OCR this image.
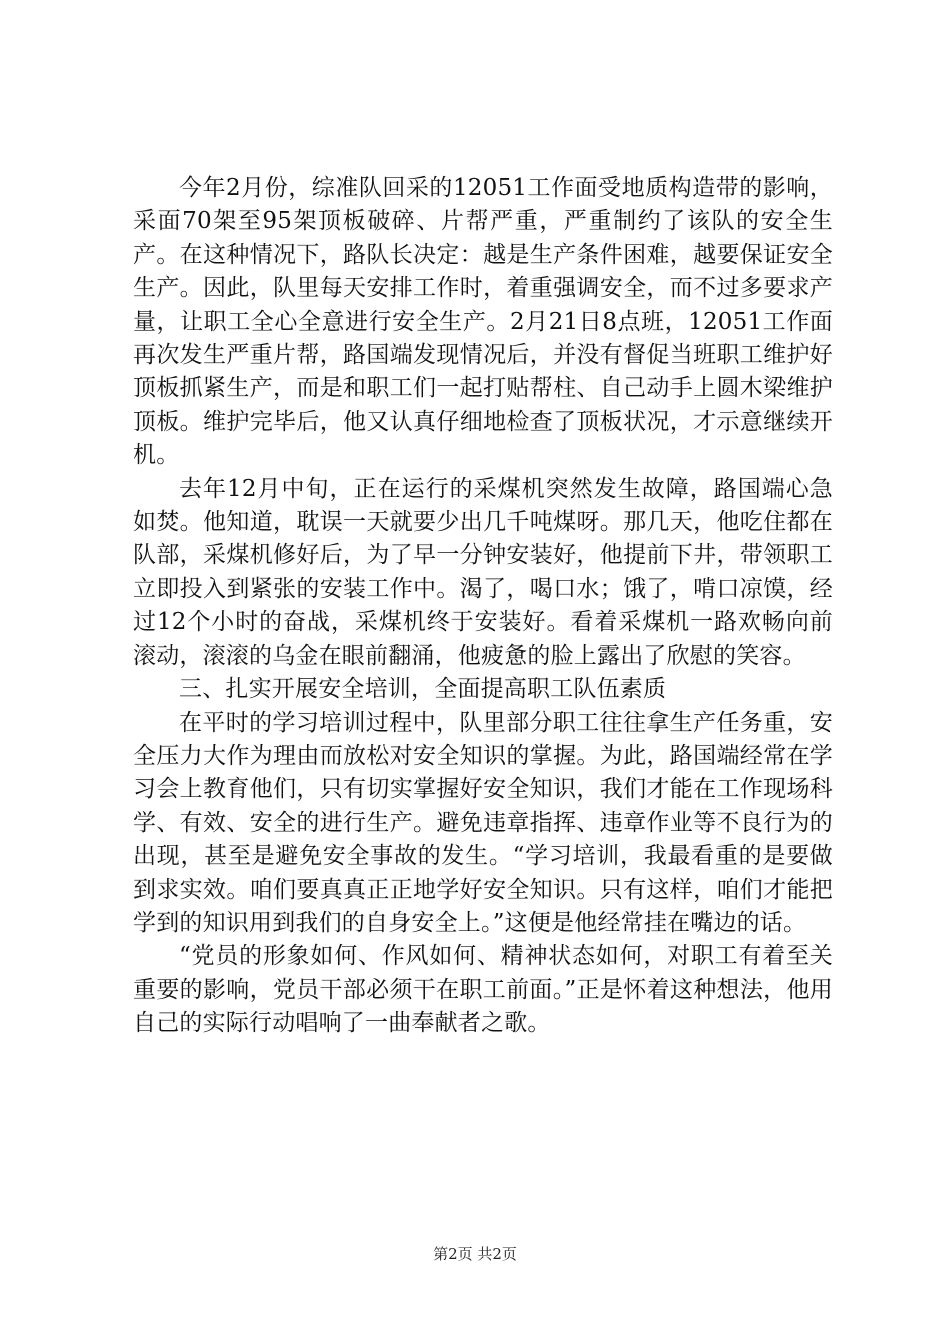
今年2月份，综准队回采的12051工作面受地质构造带的影响，采面70架至95架顶板破碎、片帮严重，严重制约了该队的安全生产。在这种情况下，路队长决定：越是生产条件困难，越要保证安全生产。因此，队里每天安排工作时，着重强调安全，而不过多要求产量，让职工全心全意进行安全生产。2月21日8点班，12051工作面再次发生严重片帮，路国端发现情况后，并没有督促当班职工维护好顶板抓紧生产，而是和职工们一起打贴帮柱、自己动手上圆木梁维护顶板。维护完毕后，他又认真仔细地检查了顶板状况，才示意继续开机。

去年12月中旬，正在运行的采煤机突然发生故障，路国端心急如焚。他知道，耽误一天就要少出几千吨煤呀。那几天，他吃住都在队部，采煤机修好后，为了早一分钟安装好，他提前下井，带领职工立即投入到紧张的安装工作中。渴了，喝口水；饿了，啃口凉馍，经过12个小时的奋战，采煤机终于安装好。看着采煤机一路欢畅向前滚动，滚滚的乌金在眼前翻涌，他疲惫的脸上露出了欣慰的笑容。

三、扎实开展安全培训，全面提高职工队伍素质

在平时的学习培训过程中，队里部分职工往往拿生产任务重，安全压力大作为理由而放松对安全知识的掌握。为此，路国端经常在学习会上教育他们，只有切实掌握好安全知识，我们才能在工作现场科学、有效、安全的进行生产。避免违章指挥、违章作业等不良行为的出现，甚至是避免安全事故的发生。“学习培训，我最看重的是要做到求实效。咱们要真真正正地学好安全知识。只有这样，咱们才能把学到的知识用到我们的自身安全上。”这便是他经常挂在嘴边的话。

“党员的形象如何、作风如何、精神状态如何，对职工有着至关重要的影响，党员干部必须干在职工前面。”正是怀着这种想法，他用自己的实际行动唱响了一曲奉献者之歌。

第2页 共2页
